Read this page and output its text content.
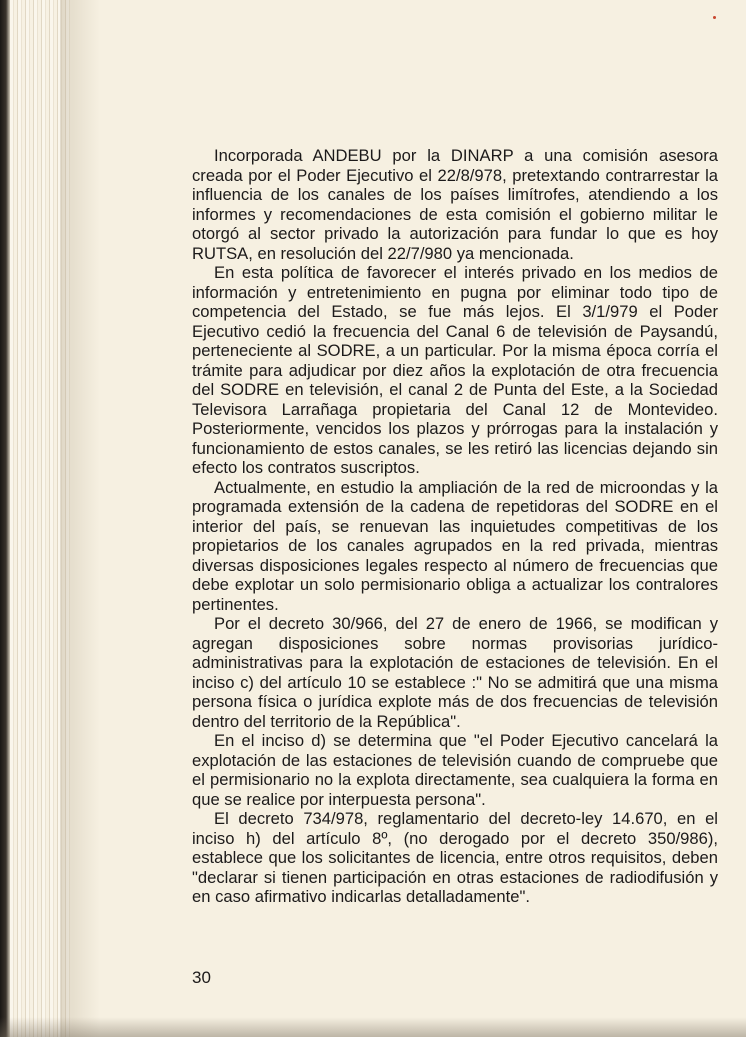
Incorporada ANDEBU por la DINARP a una comisión asesora creada por el Poder Ejecutivo el 22/8/978, pretextando contrarrestar la influencia de los canales de los países limítrofes, atendiendo a los informes y recomendaciones de esta comisión el gobierno militar le otorgó al sector privado la autorización para fundar lo que es hoy RUTSA, en resolución del 22/7/980 ya mencionada.

En esta política de favorecer el interés privado en los medios de información y entretenimiento en pugna por eliminar todo tipo de competencia del Estado, se fue más lejos. El 3/1/979 el Poder Ejecutivo cedió la frecuencia del Canal 6 de televisión de Paysandú, perteneciente al SODRE, a un particular. Por la misma época corría el trámite para adjudicar por diez años la explotación de otra frecuencia del SODRE en televisión, el canal 2 de Punta del Este, a la Sociedad Televisora Larrañaga propietaria del Canal 12 de Montevideo. Posteriormente, vencidos los plazos y prórrogas para la instalación y funcionamiento de estos canales, se les retiró las licencias dejando sin efecto los contratos suscriptos.

Actualmente, en estudio la ampliación de la red de microondas y la programada extensión de la cadena de repetidoras del SODRE en el interior del país, se renuevan las inquietudes competitivas de los propietarios de los canales agrupados en la red privada, mientras diversas disposiciones legales respecto al número de frecuencias que debe explotar un solo permisionario obliga a actualizar los contralores pertinentes.

Por el decreto 30/966, del 27 de enero de 1966, se modifican y agregan disposiciones sobre normas provisorias jurídico-administrativas para la explotación de estaciones de televisión. En el inciso c) del artículo 10 se establece :" No se admitirá que una misma persona física o jurídica explote más de dos frecuencias de televisión dentro del territorio de la República".

En el inciso d) se determina que "el Poder Ejecutivo cancelará la explotación de las estaciones de televisión cuando de compruebe que el permisionario no la explota directamente, sea cualquiera la forma en que se realice por interpuesta persona".

El decreto 734/978, reglamentario del decreto-ley 14.670, en el inciso h) del artículo 8º, (no derogado por el decreto 350/986), establece que los solicitantes de licencia, entre otros requisitos, deben "declarar si tienen participación en otras estaciones de radiodifusión y en caso afirmativo indicarlas detalladamente".

30
